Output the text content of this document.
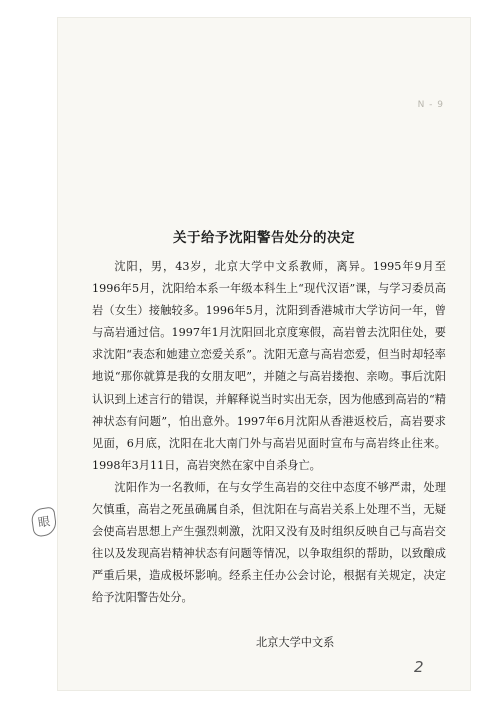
N - 9
关于给予沈阳警告处分的决定

沈阳，男，43岁，北京大学中文系教师，离异。1995年9月至1996年5月，沈阳给本系一年级本科生上“现代汉语”课，与学习委员高岩（女生）接触较多。1996年5月，沈阳到香港城市大学访问一年，曾与高岩通过信。1997年1月沈阳回北京度寒假，高岩曾去沈阳住处，要求沈阳“表态和她建立恋爱关系”。沈阳无意与高岩恋爱，但当时却轻率地说“那你就算是我的女朋友吧”，并随之与高岩搂抱、亲吻。事后沈阳认识到上述言行的错误，并解释说当时实出无奈，因为他感到高岩的“精神状态有问题”，怕出意外。1997年6月沈阳从香港返校后，高岩要求见面，6月底，沈阳在北大南门外与高岩见面时宣布与高岩终止往来。1998年3月11日，高岩突然在家中自杀身亡。

沈阳作为一名教师，在与女学生高岩的交往中态度不够严肃，处理欠慎重，高岩之死虽确属自杀，但沈阳在与高岩关系上处理不当，无疑会使高岩思想上产生强烈刺激，沈阳又没有及时组织反映自己与高岩交往以及发现高岩精神状态有问题等情况，以争取组织的帮助，以致酿成严重后果，造成极坏影响。经系主任办公会讨论，根据有关规定，决定给予沈阳警告处分。

眼
北京大学中文系
2
